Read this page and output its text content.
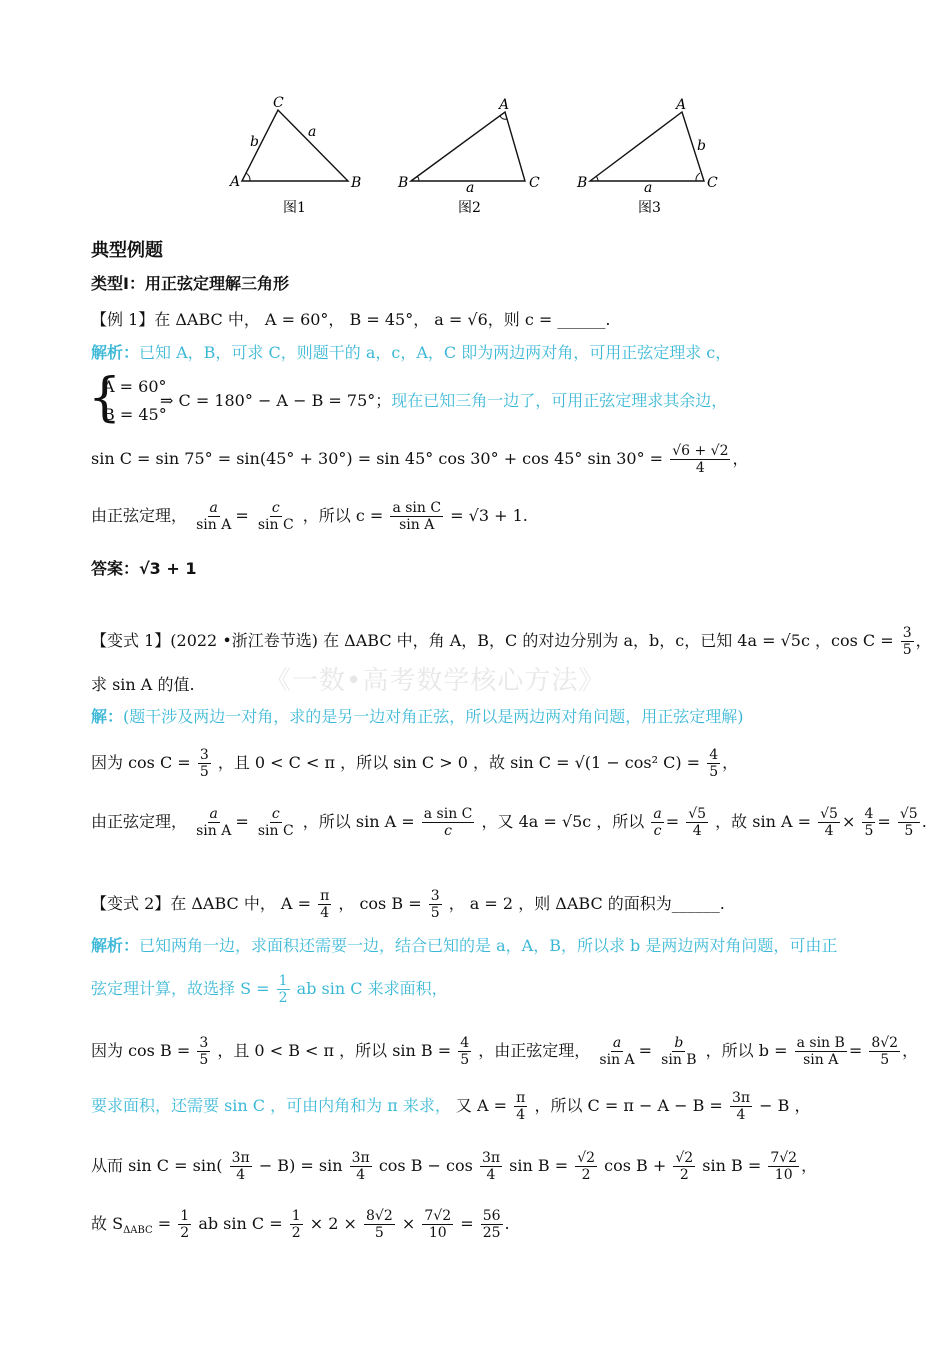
A	B
C
b
a
图1
A
B	C
a
图2
A
B	C
b
a
图3
典型例题
类型Ⅰ：用正弦定理解三角形
【例 1】在 ΔABC 中， A = 60°， B = 45°， a = √6，则 c = ______.
解析：已知 A，B，可求 C，则题干的 a，c，A，C 即为两边两对角，可用正弦定理求 c，
{
A = 60°
B = 45°
⇒ C = 180° − A − B = 75°；现在已知三角一边了，可用正弦定理求其余边，
sin C = sin 75° = sin(45° + 30°) = sin 45° cos 30° + cos 45° $\sin 30^\circ = \frac{√6 + √2}{4}$ ，
由正弦定理， $\frac{a}{\text{sin A}} = \frac{c}{\text{sin C}}$ ，所以 $c = \frac{\text{a sin C}}{\text{sin A}} = √3 + 1$.
答案：√3 + 1
【变式 1】(2022 •浙江卷节选) 在 ΔABC 中，角 A，B，C 的对边分别为 a，b，c，已知 4a = √5c ，$\cos C = \frac{3}{5}$ ，
求 sin A 的值.	《一数•高考数学核心方法》
解：(题干涉及两边一对角，求的是另一边对角正弦，所以是两边两对角问题，用正弦定理解)
因为 $\cos C = \frac{3}{5}$ ，且 0 < C < π ，所以 sin C > 0 ，故 sin C = √(1 − cos² $C) = \frac{4}{5}$ ，
由正弦定理， $\frac{a}{\text{sin A}} = \frac{c}{\text{sin C}}$ ，所以 $\sin A = \frac{\text{a sin C}}{c}$ ，又 4a = √5c ，所以 $\frac{a}{c} = \frac{√5}{4}$ ，故 $\sin A = \frac{√5}{4} \times \frac{4}{5} = \frac{√5}{5}$ .
【变式 2】在 ΔABC 中， $A = \frac{\pi}{4}$ ， $\cos B = \frac{3}{5}$ ， a = 2 ，则 ΔABC 的面积为______.
解析：已知两角一边，求面积还需要一边，结合已知的是 a，A，B，所以求 b 是两边两对角问题，可由正
弦定理计算，故选择 $S = \frac{1}{2}$ ab sin C 来求面积，
因为 $\cos B = \frac{3}{5}$ ，且 0 < B < π ，所以 $\sin B = \frac{4}{5}$ ，由正弦定理， $\frac{a}{\text{sin A}} = \frac{b}{\text{sin B}}$ ，所以 $b = \frac{\text{a sin B}}{\text{sin A}} = \frac{8√2}{5}$ ，
要求面积，还需要 sin C ，可由内角和为 π 来求， 又 $A = \frac{\pi}{4}$ ，所以 $C = \pi - A - B = \frac{3\pi}{4} - B$ ，
从而 $\sin C = \sin( \frac{3\pi}{4} - B) = \sin \frac{3\pi}{4}$ $\cos B - \cos \frac{3\pi}{4}$ $\sin B = \frac{√2}{2}$ $\cos B + \frac{√2}{2}$ $\sin B = \frac{7√2}{10}$ ，
故 $S_{\Delta ABC} = \frac{1}{2}$ ab $\sin C = \frac{1}{2} \times 2 \times \frac{8√2}{5} \times \frac{7√2}{10} = \frac{56}{25}$ .
